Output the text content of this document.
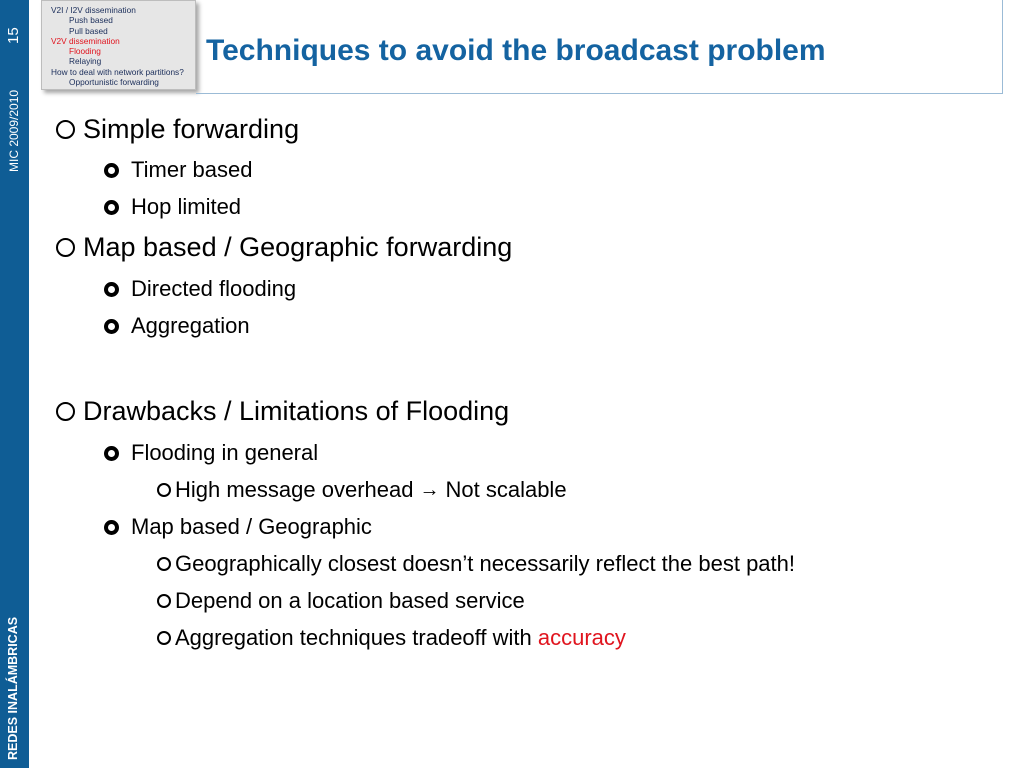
15
MIC 2009/2010
REDES INALÁMBRICAS
V2I / I2V dissemination
Push based
Pull based
V2V dissemination
Flooding
Relaying
How to deal with network partitions?
Opportunistic forwarding
Techniques to avoid the broadcast problem
Simple forwarding
Timer based
Hop limited
Map based / Geographic forwarding
Directed flooding
Aggregation
Drawbacks / Limitations of Flooding
Flooding in general
High message overhead → Not scalable
Map based / Geographic
Geographically closest doesn’t necessarily reflect the best path!
Depend on a location based service
Aggregation techniques tradeoff with accuracy
